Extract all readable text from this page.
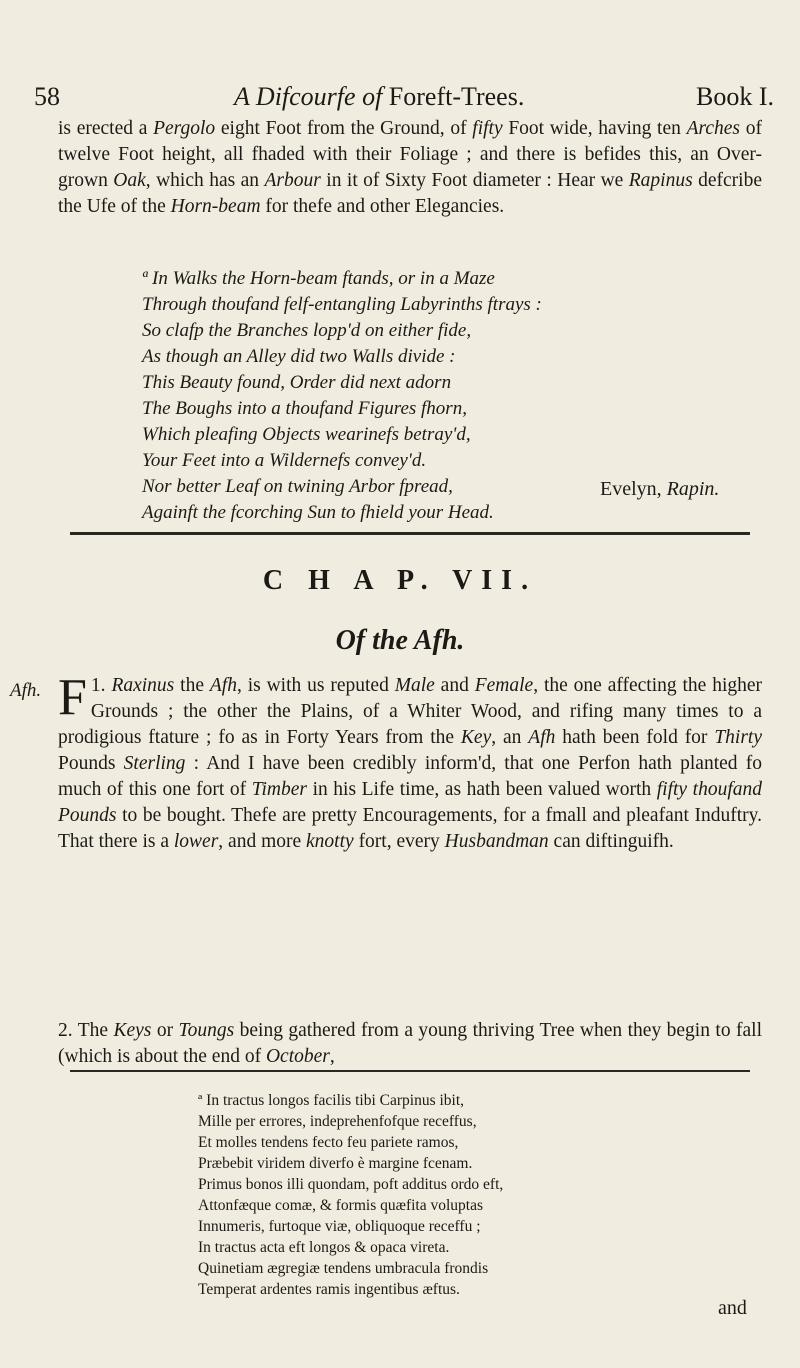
58	A Difcourfe of Foreft-Trees.	Book I.
is erected a Pergolo eight Foot from the Ground, of fifty Foot wide, having ten Arches of twelve Foot height, all fhaded with their Foliage ; and there is befides this, an Over-grown Oak, which has an Arbour in it of Sixty Foot diameter : Hear we Rapinus defcribe the Ufe of the Horn-beam for thefe and other Elegancies.
ª In Walks the Horn-beam ftands, or in a Maze
Through thoufand felf-entangling Labyrinths ftrays :
So clafp the Branches lopp'd on either fide,
As though an Alley did two Walls divide :
This Beauty found, Order did next adorn
The Boughs into a thoufand Figures fhorn,
Which pleafing Objects wearinefs betray'd,
Your Feet into a Wildernefs convey'd.
Nor better Leaf on twining Arbor fpread,
Againft the fcorching Sun to fhield your Head.
Evelyn, Rapin.
C H A P. VII.
Of the Afh.
Afh. F 1. Raxinus the Afh, is with us reputed Male and Female, the one affecting the higher Grounds ; the other the Plains, of a Whiter Wood, and rifing many times to a prodigious ftature ; fo as in Forty Years from the Key, an Afh hath been fold for Thirty Pounds Sterling : And I have been credibly inform'd, that one Perfon hath planted fo much of this one fort of Timber in his Life time, as hath been valued worth fifty thoufand Pounds to be bought. Thefe are pretty Encouragements, for a fmall and pleafant Induftry. That there is a lower, and more knotty fort, every Husbandman can diftinguifh.
2. The Keys or Toungs being gathered from a young thriving Tree when they begin to fall (which is about the end of October,
ª In tractus longos facilis tibi Carpinus ibit,
Mille per errores, indeprehenfofque receffus,
Et molles tendens fecto feu pariete ramos,
Præbebit viridem diverfo è margine fcenam.
Primus bonos illi quondam, poft additus ordo eft,
Attonfæque comæ, & formis quæfita voluptas
Innumeris, furtoque viæ, obliquoque receffu ;
In tractus acta eft longos & opaca vireta.
Quinetiam ægregiæ tendens umbracula frondis
Temperat ardentes ramis ingentibus æftus.
and
